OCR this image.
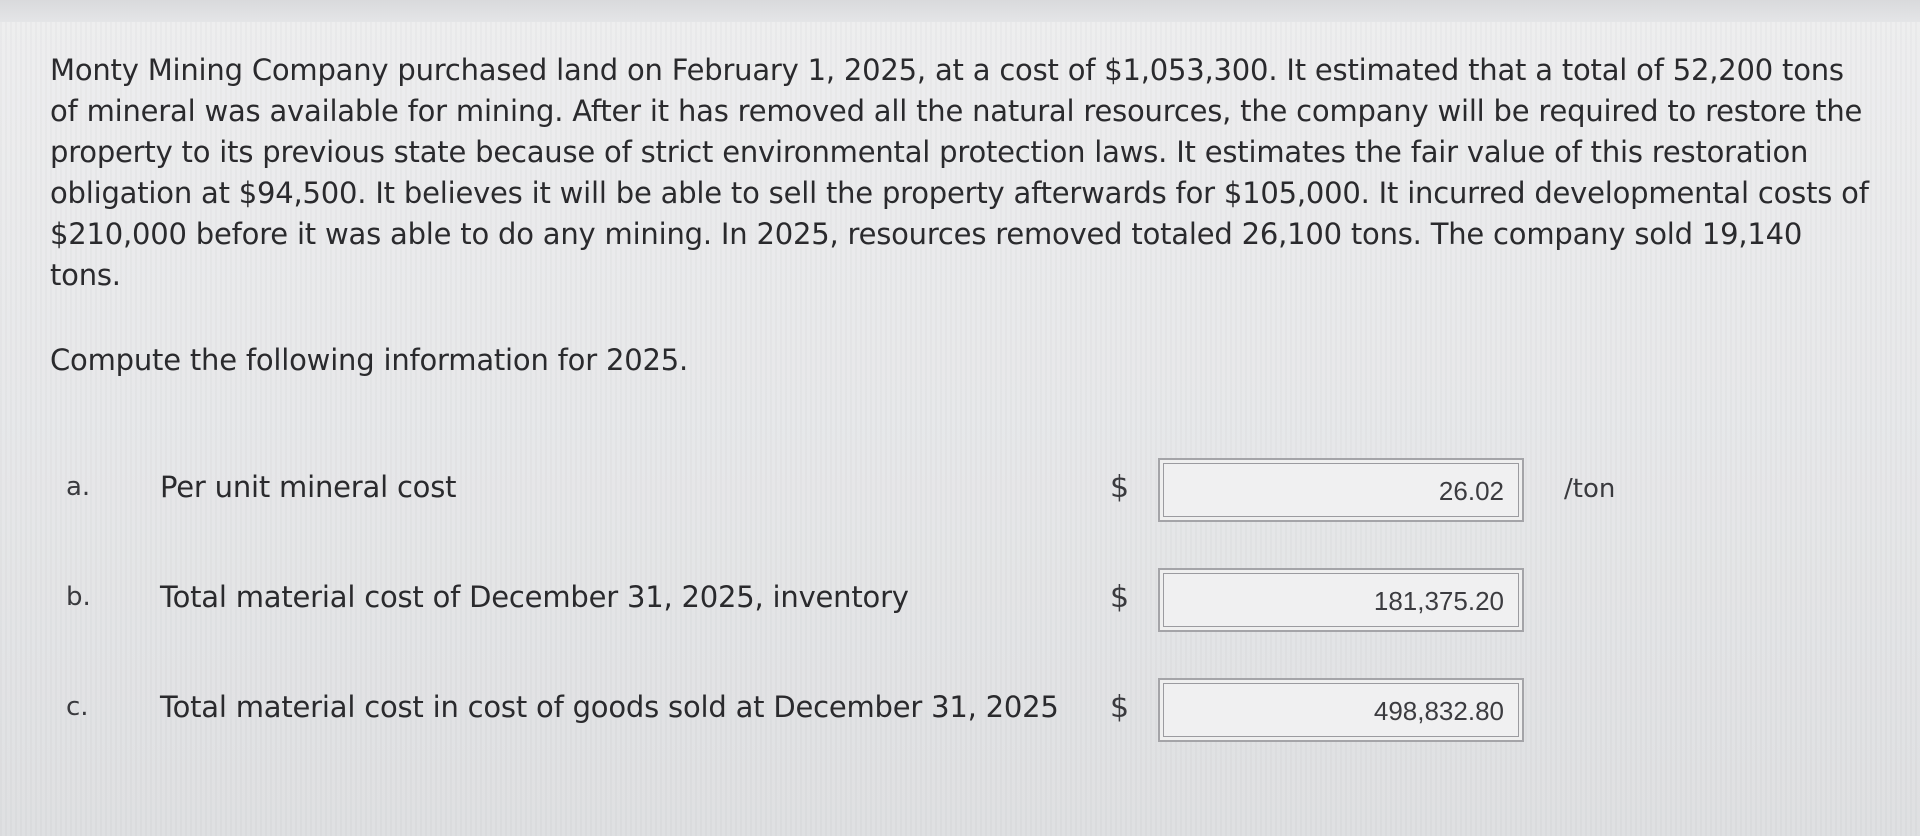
Monty Mining Company purchased land on February 1, 2025, at a cost of $1,053,300. It estimated that a total of 52,200 tons of mineral was available for mining. After it has removed all the natural resources, the company will be required to restore the property to its previous state because of strict environmental protection laws. It estimates the fair value of this restoration obligation at $94,500. It believes it will be able to sell the property afterwards for $105,000. It incurred developmental costs of $210,000 before it was able to do any mining. In 2025, resources removed totaled 26,100 tons. The company sold 19,140 tons.

Compute the following information for 2025.

a. Per unit mineral cost	$	26.02	/ton
b. Total material cost of December 31, 2025, inventory	$	181,375.20
c. Total material cost in cost of goods sold at December 31, 2025 $	498,832.80
